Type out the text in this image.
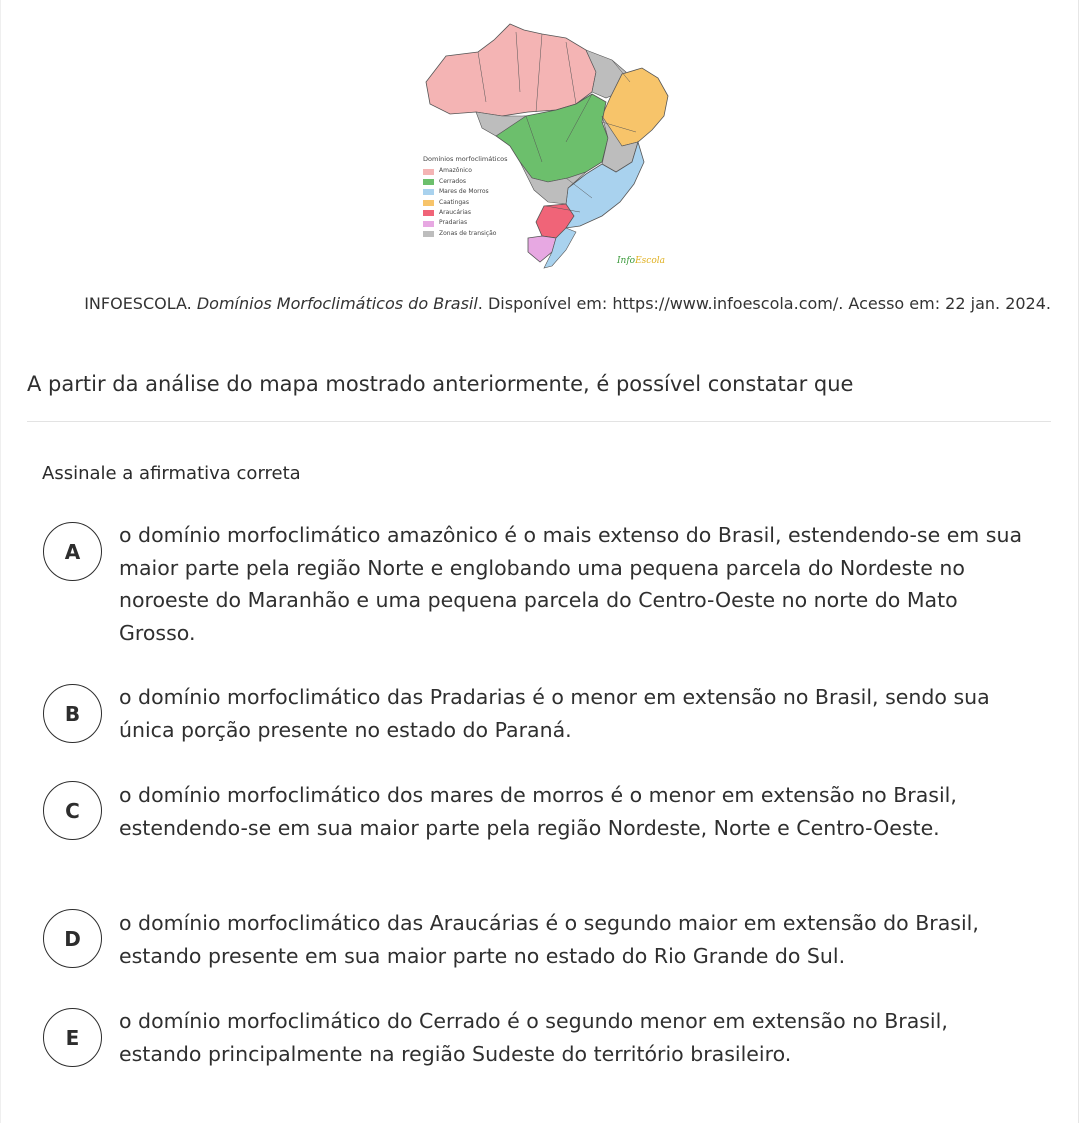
Domínios morfoclimáticos
Amazônico
Cerrados
Mares de Morros
Caatingas
Araucárias
Pradarias
Zonas de transição
InfoEscola
INFOESCOLA. Domínios Morfoclimáticos do Brasil. Disponível em: https://www.infoescola.com/. Acesso em: 22 jan. 2024.
A partir da análise do mapa mostrado anteriormente, é possível constatar que
Assinale a afirmativa correta
A
o domínio morfoclimático amazônico é o mais extenso do Brasil, estendendo-se em sua maior parte pela região Norte e englobando uma pequena parcela do Nordeste no noroeste do Maranhão e uma pequena parcela do Centro-Oeste no norte do Mato Grosso.
B
o domínio morfoclimático das Pradarias é o menor em extensão no Brasil, sendo sua única porção presente no estado do Paraná.
C
o domínio morfoclimático dos mares de morros é o menor em extensão no Brasil, estendendo-se em sua maior parte pela região Nordeste, Norte e Centro-Oeste.
D
o domínio morfoclimático das Araucárias é o segundo maior em extensão do Brasil, estando presente em sua maior parte no estado do Rio Grande do Sul.
E
o domínio morfoclimático do Cerrado é o segundo menor em extensão no Brasil, estando principalmente na região Sudeste do território brasileiro.
